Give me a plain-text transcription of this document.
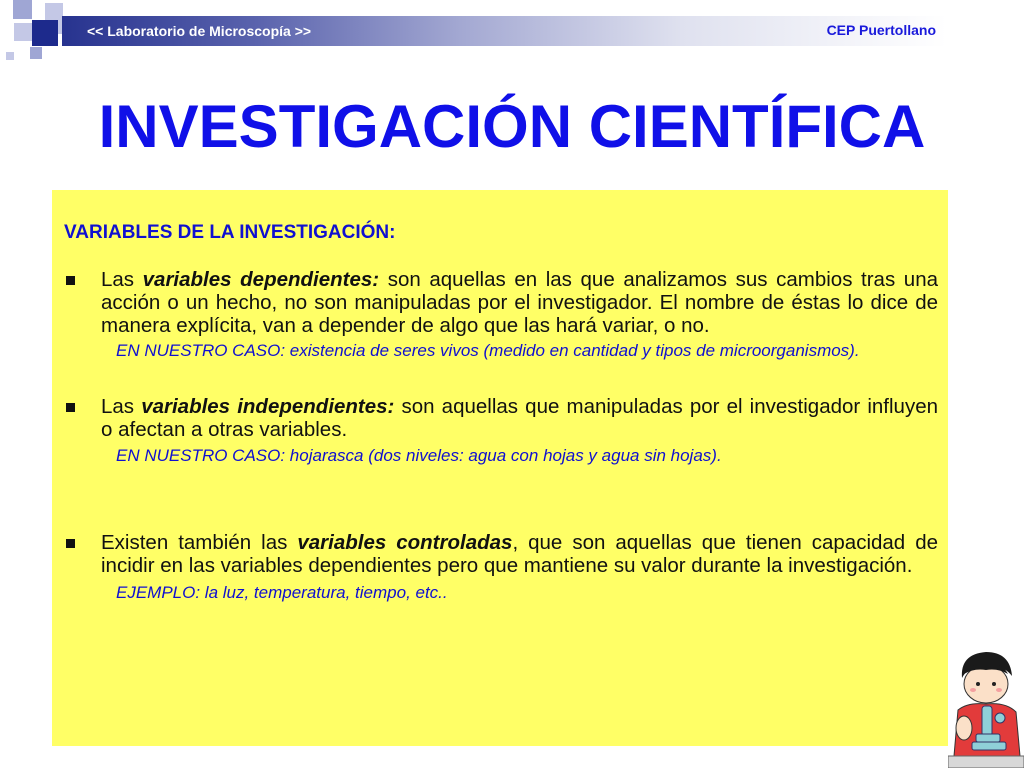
<< Laboratorio de Microscopía >>	CEP Puertollano
INVESTIGACIÓN CIENTÍFICA
VARIABLES DE LA INVESTIGACIÓN:
Las variables dependientes: son aquellas en las que analizamos sus cambios tras una acción o un hecho, no son manipuladas por el investigador. El nombre de éstas lo dice de manera explícita, van a depender de algo que las hará variar, o no.
EN NUESTRO CASO: existencia de seres vivos (medido en cantidad y tipos de microorganismos).
Las variables independientes: son aquellas que manipuladas por el investigador influyen o afectan a otras variables.
EN NUESTRO CASO: hojarasca (dos niveles: agua con hojas y agua sin hojas).
Existen también las variables controladas, que son aquellas que tienen capacidad de incidir en las variables dependientes pero que mantiene su valor durante la investigación.
EJEMPLO: la luz, temperatura, tiempo, etc..
